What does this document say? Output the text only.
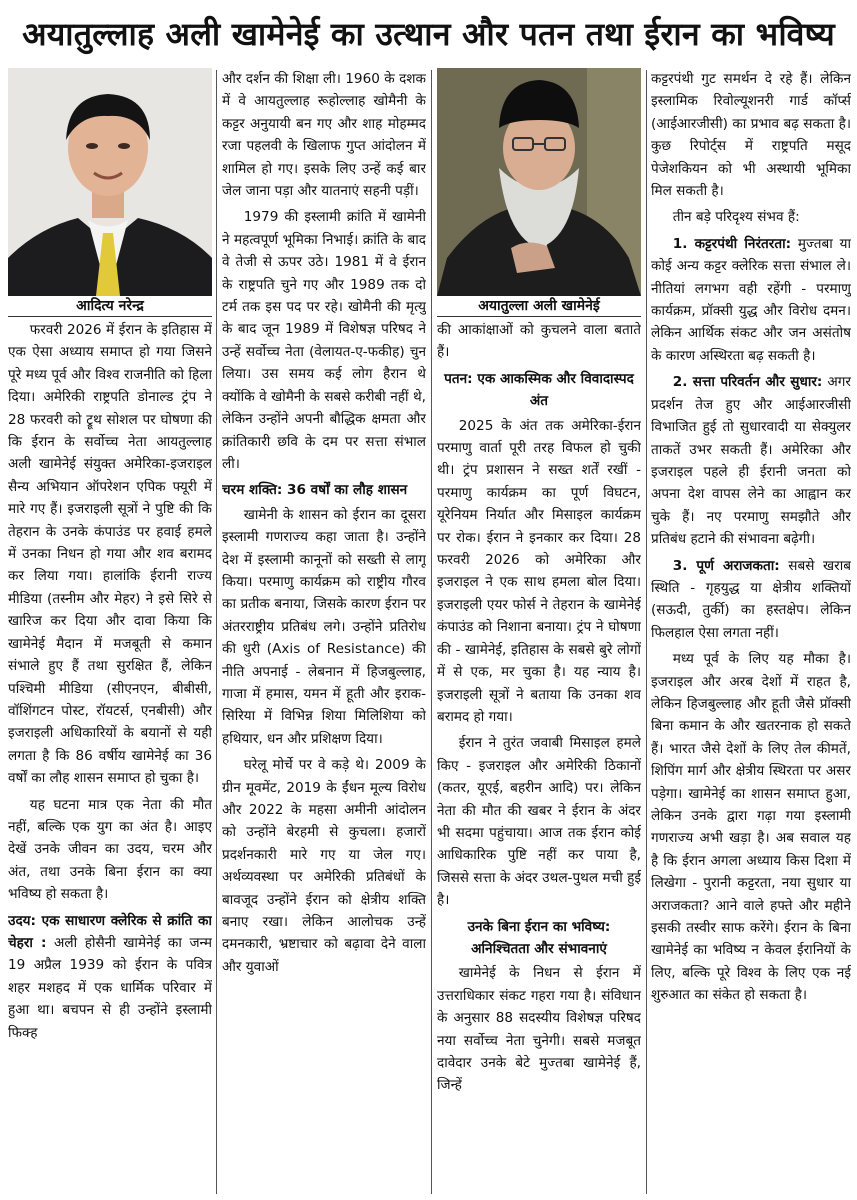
अयातुल्लाह अली खामेनेई का उत्थान और पतन तथा ईरान का भविष्य
आदित्य नरेन्द्र

फरवरी 2026 में ईरान के इतिहास में एक ऐसा अध्याय समाप्त हो गया जिसने पूरे मध्य पूर्व और विश्व राजनीति को हिला दिया। अमेरिकी राष्ट्रपति डोनाल्ड ट्रंप ने 28 फरवरी को ट्रूथ सोशल पर घोषणा की कि ईरान के सर्वोच्च नेता आयतुल्लाह अली खामेनेई संयुक्त अमेरिका-इजराइल सैन्य अभियान ऑपरेशन एपिक फ्यूरी में मारे गए हैं। इजराइली सूत्रों ने पुष्टि की कि तेहरान के उनके कंपाउंड पर हवाई हमले में उनका निधन हो गया और शव बरामद कर लिया गया। हालांकि ईरानी राज्य मीडिया (तस्नीम और मेहर) ने इसे सिरे से खारिज कर दिया और दावा किया कि खामेनेई मैदान में मजबूती से कमान संभाले हुए हैं तथा सुरक्षित हैं, लेकिन पश्चिमी मीडिया (सीएनएन, बीबीसी, वॉशिंगटन पोस्ट, रॉयटर्स, एनबीसी) और इजराइली अधिकारियों के बयानों से यही लगता है कि 86 वर्षीय खामेनेई का 36 वर्षों का लौह शासन समाप्त हो चुका है।

यह घटना मात्र एक नेता की मौत नहीं, बल्कि एक युग का अंत है। आइए देखें उनके जीवन का उदय, चरम और अंत, तथा उनके बिना ईरान का क्या भविष्य हो सकता है।

उदय: एक साधारण क्लेरिक से क्रांति का चेहरा : अली होसैनी खामेनेई का जन्म 19 अप्रैल 1939 को ईरान के पवित्र शहर मशहद में एक धार्मिक परिवार में हुआ था। बचपन से ही उन्होंने इस्लामी फिक्ह

और दर्शन की शिक्षा ली। 1960 के दशक में वे आयतुल्लाह रूहोल्लाह खोमैनी के कट्टर अनुयायी बन गए और शाह मोहम्मद रजा पहलवी के खिलाफ गुप्त आंदोलन में शामिल हो गए। इसके लिए उन्हें कई बार जेल जाना पड़ा और यातनाएं सहनी पड़ीं।

1979 की इस्लामी क्रांति में खामेनी ने महत्वपूर्ण भूमिका निभाई। क्रांति के बाद वे तेजी से ऊपर उठे। 1981 में वे ईरान के राष्ट्रपति चुने गए और 1989 तक दो टर्म तक इस पद पर रहे। खोमैनी की मृत्यु के बाद जून 1989 में विशेषज्ञ परिषद ने उन्हें सर्वोच्च नेता (वेलायत-ए-फकीह) चुन लिया। उस समय कई लोग हैरान थे क्योंकि वे खोमैनी के सबसे करीबी नहीं थे, लेकिन उन्होंने अपनी बौद्धिक क्षमता और क्रांतिकारी छवि के दम पर सत्ता संभाल ली।

चरम शक्ति: 36 वर्षों का लौह शासन

खामेनी के शासन को ईरान का दूसरा इस्लामी गणराज्य कहा जाता है। उन्होंने देश में इस्लामी कानूनों को सख्ती से लागू किया। परमाणु कार्यक्रम को राष्ट्रीय गौरव का प्रतीक बनाया, जिसके कारण ईरान पर अंतरराष्ट्रीय प्रतिबंध लगे। उन्होंने प्रतिरोध की धुरी (Axis of Resistance) की नीति अपनाई - लेबनान में हिजबुल्लाह, गाजा में हमास, यमन में हूती और इराक-सिरिया में विभिन्न शिया मिलिशिया को हथियार, धन और प्रशिक्षण दिया।

घरेलू मोर्चे पर वे कड़े थे। 2009 के ग्रीन मूवमेंट, 2019 के ईंधन मूल्य विरोध और 2022 के महसा अमीनी आंदोलन को उन्होंने बेरहमी से कुचला। हजारों प्रदर्शनकारी मारे गए या जेल गए। अर्थव्यवस्था पर अमेरिकी प्रतिबंधों के बावजूद उन्होंने ईरान को क्षेत्रीय शक्ति बनाए रखा। लेकिन आलोचक उन्हें दमनकारी, भ्रष्टाचार को बढ़ावा देने वाला और युवाओं

अयातुल्ला अली खामेनेई

की आकांक्षाओं को कुचलने वाला बताते हैं।

पतन: एक आकस्मिक और विवादास्पद अंत

2025 के अंत तक अमेरिका-ईरान परमाणु वार्ता पूरी तरह विफल हो चुकी थी। ट्रंप प्रशासन ने सख्त शर्तें रखीं - परमाणु कार्यक्रम का पूर्ण विघटन, यूरेनियम निर्यात और मिसाइल कार्यक्रम पर रोक। ईरान ने इनकार कर दिया। 28 फरवरी 2026 को अमेरिका और इजराइल ने एक साथ हमला बोल दिया। इजराइली एयर फोर्स ने तेहरान के खामेनेई कंपाउंड को निशाना बनाया। ट्रंप ने घोषणा की - खामेनेई, इतिहास के सबसे बुरे लोगों में से एक, मर चुका है। यह न्याय है। इजराइली सूत्रों ने बताया कि उनका शव बरामद हो गया।

ईरान ने तुरंत जवाबी मिसाइल हमले किए - इजराइल और अमेरिकी ठिकानों (कतर, यूएई, बहरीन आदि) पर। लेकिन नेता की मौत की खबर ने ईरान के अंदर भी सदमा पहुंचाया। आज तक ईरान कोई आधिकारिक पुष्टि नहीं कर पाया है, जिससे सत्ता के अंदर उथल-पुथल मची हुई है।

उनके बिना ईरान का भविष्य: अनिश्चितता और संभावनाएं

खामेनेई के निधन से ईरान में उत्तराधिकार संकट गहरा गया है। संविधान के अनुसार 88 सदस्यीय विशेषज्ञ परिषद नया सर्वोच्च नेता चुनेगी। सबसे मजबूत दावेदार उनके बेटे मुज्तबा खामेनेई हैं, जिन्हें

कट्टरपंथी गुट समर्थन दे रहे हैं। लेकिन इस्लामिक रिवोल्यूशनरी गार्ड कॉर्प्स (आईआरजीसी) का प्रभाव बढ़ सकता है। कुछ रिपोर्ट्स में राष्ट्रपति मसूद पेजेशकियन को भी अस्थायी भूमिका मिल सकती है।

तीन बड़े परिदृश्य संभव हैं:

1. कट्टरपंथी निरंतरता: मुज्तबा या कोई अन्य कट्टर क्लेरिक सत्ता संभाल ले। नीतियां लगभग वही रहेंगी - परमाणु कार्यक्रम, प्रॉक्सी युद्ध और विरोध दमन। लेकिन आर्थिक संकट और जन असंतोष के कारण अस्थिरता बढ़ सकती है।

2. सत्ता परिवर्तन और सुधार: अगर प्रदर्शन तेज हुए और आईआरजीसी विभाजित हुई तो सुधारवादी या सेक्युलर ताकतें उभर सकती हैं। अमेरिका और इजराइल पहले ही ईरानी जनता को अपना देश वापस लेने का आह्वान कर चुके हैं। नए परमाणु समझौते और प्रतिबंध हटाने की संभावना बढ़ेगी।

3. पूर्ण अराजकता: सबसे खराब स्थिति - गृहयुद्ध या क्षेत्रीय शक्तियों (सऊदी, तुर्की) का हस्तक्षेप। लेकिन फिलहाल ऐसा लगता नहीं।

मध्य पूर्व के लिए यह मौका है। इजराइल और अरब देशों में राहत है, लेकिन हिजबुल्लाह और हूती जैसे प्रॉक्सी बिना कमान के और खतरनाक हो सकते हैं। भारत जैसे देशों के लिए तेल कीमतें, शिपिंग मार्ग और क्षेत्रीय स्थिरता पर असर पड़ेगा। खामेनेई का शासन समाप्त हुआ, लेकिन उनके द्वारा गढ़ा गया इस्लामी गणराज्य अभी खड़ा है। अब सवाल यह है कि ईरान अगला अध्याय किस दिशा में लिखेगा - पुरानी कट्टरता, नया सुधार या अराजकता? आने वाले हफ्ते और महीने इसकी तस्वीर साफ करेंगे। ईरान के बिना खामेनेई का भविष्य न केवल ईरानियों के लिए, बल्कि पूरे विश्व के लिए एक नई शुरुआत का संकेत हो सकता है।
